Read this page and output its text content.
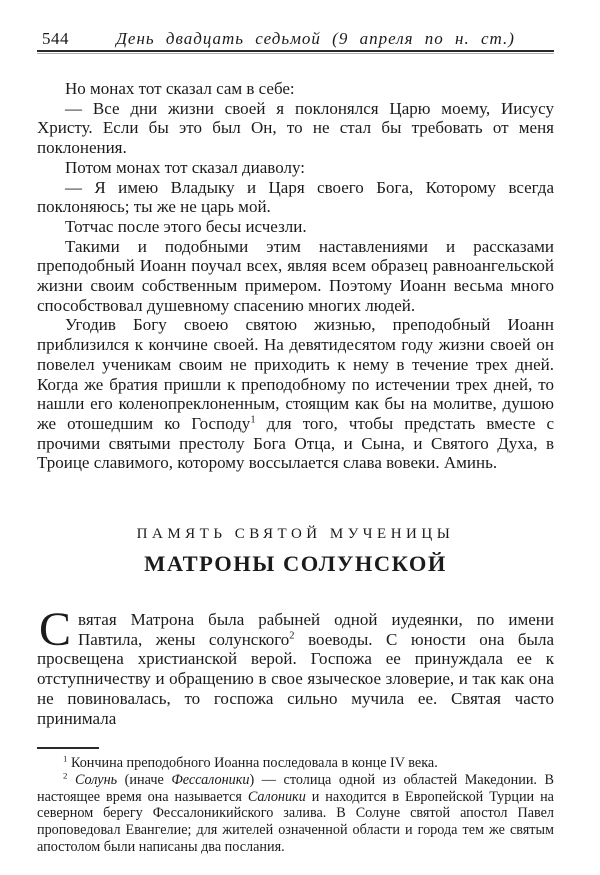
544	День двадцать седьмой (9 апреля по н. ст.)

Но монах тот сказал сам в себе:

— Все дни жизни своей я поклонялся Царю моему, Иисусу Христу. Если бы это был Он, то не стал бы требовать от меня поклонения.

Потом монах тот сказал диаволу:

— Я имею Владыку и Царя своего Бога, Которому всегда поклоняюсь; ты же не царь мой.

Тотчас после этого бесы исчезли.

Такими и подобными этим наставлениями и рассказами преподобный Иоанн поучал всех, являя всем образец равноангельской жизни своим собственным примером. Поэтому Иоанн весьма много способствовал душевному спасению многих людей.

Угодив Богу своею святою жизнью, преподобный Иоанн приблизился к кончине своей. На девятидесятом году жизни своей он повелел ученикам своим не приходить к нему в течение трех дней. Когда же братия пришли к преподобному по истечении трех дней, то нашли его коленопреклоненным, стоящим как бы на молитве, душою же отошедшим ко Господу$^1$ для того, чтобы предстать вместе с прочими святыми престолу Бога Отца, и Сына, и Святого Духа, в Троице славимого, которому воссылается слава вовеки. Аминь.

ПАМЯТЬ СВЯТОЙ МУЧЕНИЦЫ
МАТРОНЫ СОЛУНСКОЙ
Святая Матрона была рабыней одной иудеянки, по имени Павтила, жены солунского$^2$ воеводы. С юности она была просвещена христианской верой. Госпожа ее принуждала ее к отступничеству и обращению в свое языческое зловерие, и так как она не повиновалась, то госпожа сильно мучила ее. Святая часто принимала

$^1$ Кончина преподобного Иоанна последовала в конце IV века.

$^2$ Солунь (иначе Фессалоники) — столица одной из областей Македонии. В настоящее время она называется Салоники и находится в Европейской Турции на северном берегу Фессалоникийского залива. В Солуне святой апостол Павел проповедовал Евангелие; для жителей означенной области и города тем же святым апостолом были написаны два послания.
